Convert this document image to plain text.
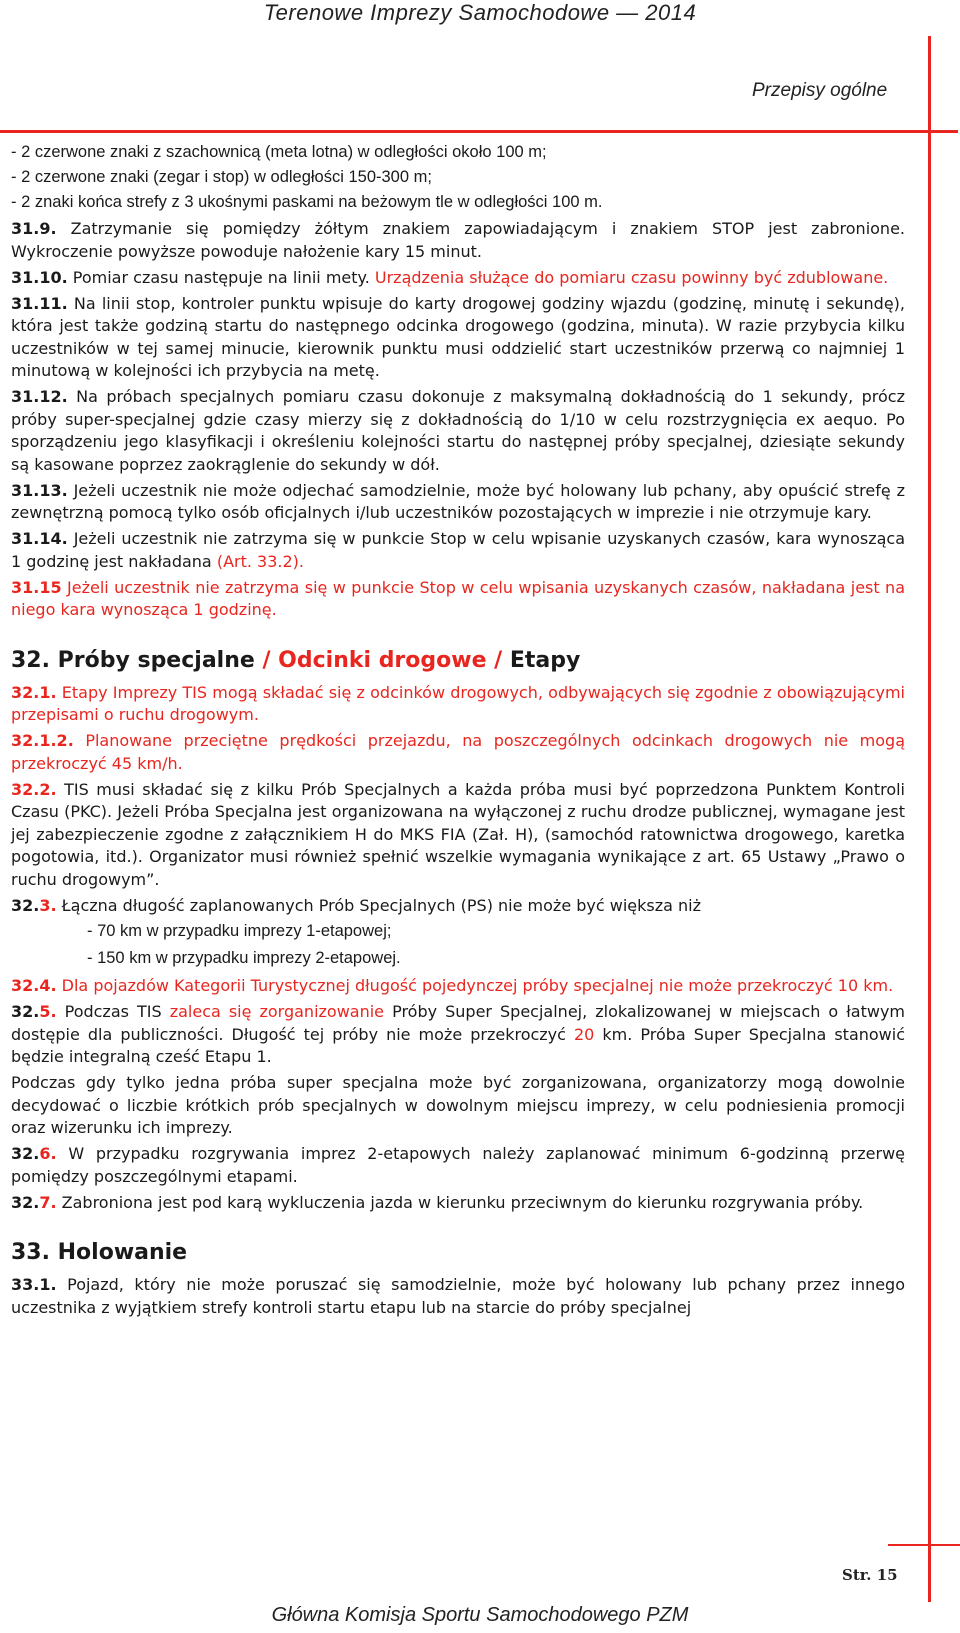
Terenowe Imprezy Samochodowe — 2014
Przepisy ogólne

- 2 czerwone znaki z szachownicą (meta lotna) w odległości około 100 m;

- 2 czerwone znaki (zegar i stop) w odległości 150-300 m;

- 2 znaki końca strefy z 3 ukośnymi paskami na beżowym tle w odległości 100 m.

31.9. Zatrzymanie się pomiędzy żółtym znakiem zapowiadającym i znakiem STOP jest zabronione. Wykroczenie powyższe powoduje nałożenie kary 15 minut.

31.10. Pomiar czasu następuje na linii mety. Urządzenia służące do pomiaru czasu powinny być zdublowane.

31.11. Na linii stop, kontroler punktu wpisuje do karty drogowej godziny wjazdu (godzinę, minutę i sekundę), która jest także godziną startu do następnego odcinka drogowego (godzina, minuta). W razie przybycia kilku uczestników w tej samej minucie, kierownik punktu musi oddzielić start uczestników przerwą co najmniej 1 minutową w kolejności ich przybycia na metę.

31.12. Na próbach specjalnych pomiaru czasu dokonuje z maksymalną dokładnością do 1 sekundy, prócz próby super-specjalnej gdzie czasy mierzy się z dokładnością do 1/10 w celu rozstrzygnięcia ex aequo. Po sporządzeniu jego klasyfikacji i określeniu kolejności startu do następnej próby specjalnej, dziesiąte sekundy są kasowane poprzez zaokrąglenie do sekundy w dół.

31.13. Jeżeli uczestnik nie może odjechać samodzielnie, może być holowany lub pchany, aby opuścić strefę z zewnętrzną pomocą tylko osób oficjalnych i/lub uczestników pozostających w imprezie i nie otrzymuje kary.

31.14. Jeżeli uczestnik nie zatrzyma się w punkcie Stop w celu wpisanie uzyskanych czasów, kara wynosząca 1 godzinę jest nakładana (Art. 33.2).

31.15 Jeżeli uczestnik nie zatrzyma się w punkcie Stop w celu wpisania uzyskanych czasów, nakładana jest na niego kara wynosząca 1 godzinę.

32. Próby specjalne / Odcinki drogowe / Etapy

32.1. Etapy Imprezy TIS mogą składać się z odcinków drogowych, odbywających się zgodnie z obowiązującymi przepisami o ruchu drogowym.

32.1.2. Planowane przeciętne prędkości przejazdu, na poszczególnych odcinkach drogowych nie mogą przekroczyć 45 km/h.

32.2. TIS musi składać się z kilku Prób Specjalnych a każda próba musi być poprzedzona Punktem Kontroli Czasu (PKC). Jeżeli Próba Specjalna jest organizowana na wyłączonej z ruchu drodze publicznej, wymagane jest jej zabezpieczenie zgodne z załącznikiem H do MKS FIA (Zał. H), (samochód ratownictwa drogowego, karetka pogotowia, itd.). Organizator musi również spełnić wszelkie wymagania wynikające z art. 65 Ustawy „Prawo o ruchu drogowym”.

32.3. Łączna długość zaplanowanych Prób Specjalnych (PS) nie może być większa niż

- 70 km w przypadku imprezy 1-etapowej;

- 150 km w przypadku imprezy 2-etapowej.

32.4. Dla pojazdów Kategorii Turystycznej długość pojedynczej próby specjalnej nie może przekroczyć 10 km.

32.5. Podczas TIS zaleca się zorganizowanie Próby Super Specjalnej, zlokalizowanej w miejscach o łatwym dostępie dla publiczności. Długość tej próby nie może przekroczyć 20 km. Próba Super Specjalna stanowić będzie integralną cześć Etapu 1.

Podczas gdy tylko jedna próba super specjalna może być zorganizowana, organizatorzy mogą dowolnie decydować o liczbie krótkich prób specjalnych w dowolnym miejscu imprezy, w celu podniesienia promocji oraz wizerunku ich imprezy.

32.6. W przypadku rozgrywania imprez 2-etapowych należy zaplanować minimum 6-godzinną przerwę pomiędzy poszczególnymi etapami.

32.7. Zabroniona jest pod karą wykluczenia jazda w kierunku przeciwnym do kierunku rozgrywania próby.

33. Holowanie

33.1. Pojazd, który nie może poruszać się samodzielnie, może być holowany lub pchany przez innego uczestnika z wyjątkiem strefy kontroli startu etapu lub na starcie do próby specjalnej

Str. 15
Główna Komisja Sportu Samochodowego PZM
